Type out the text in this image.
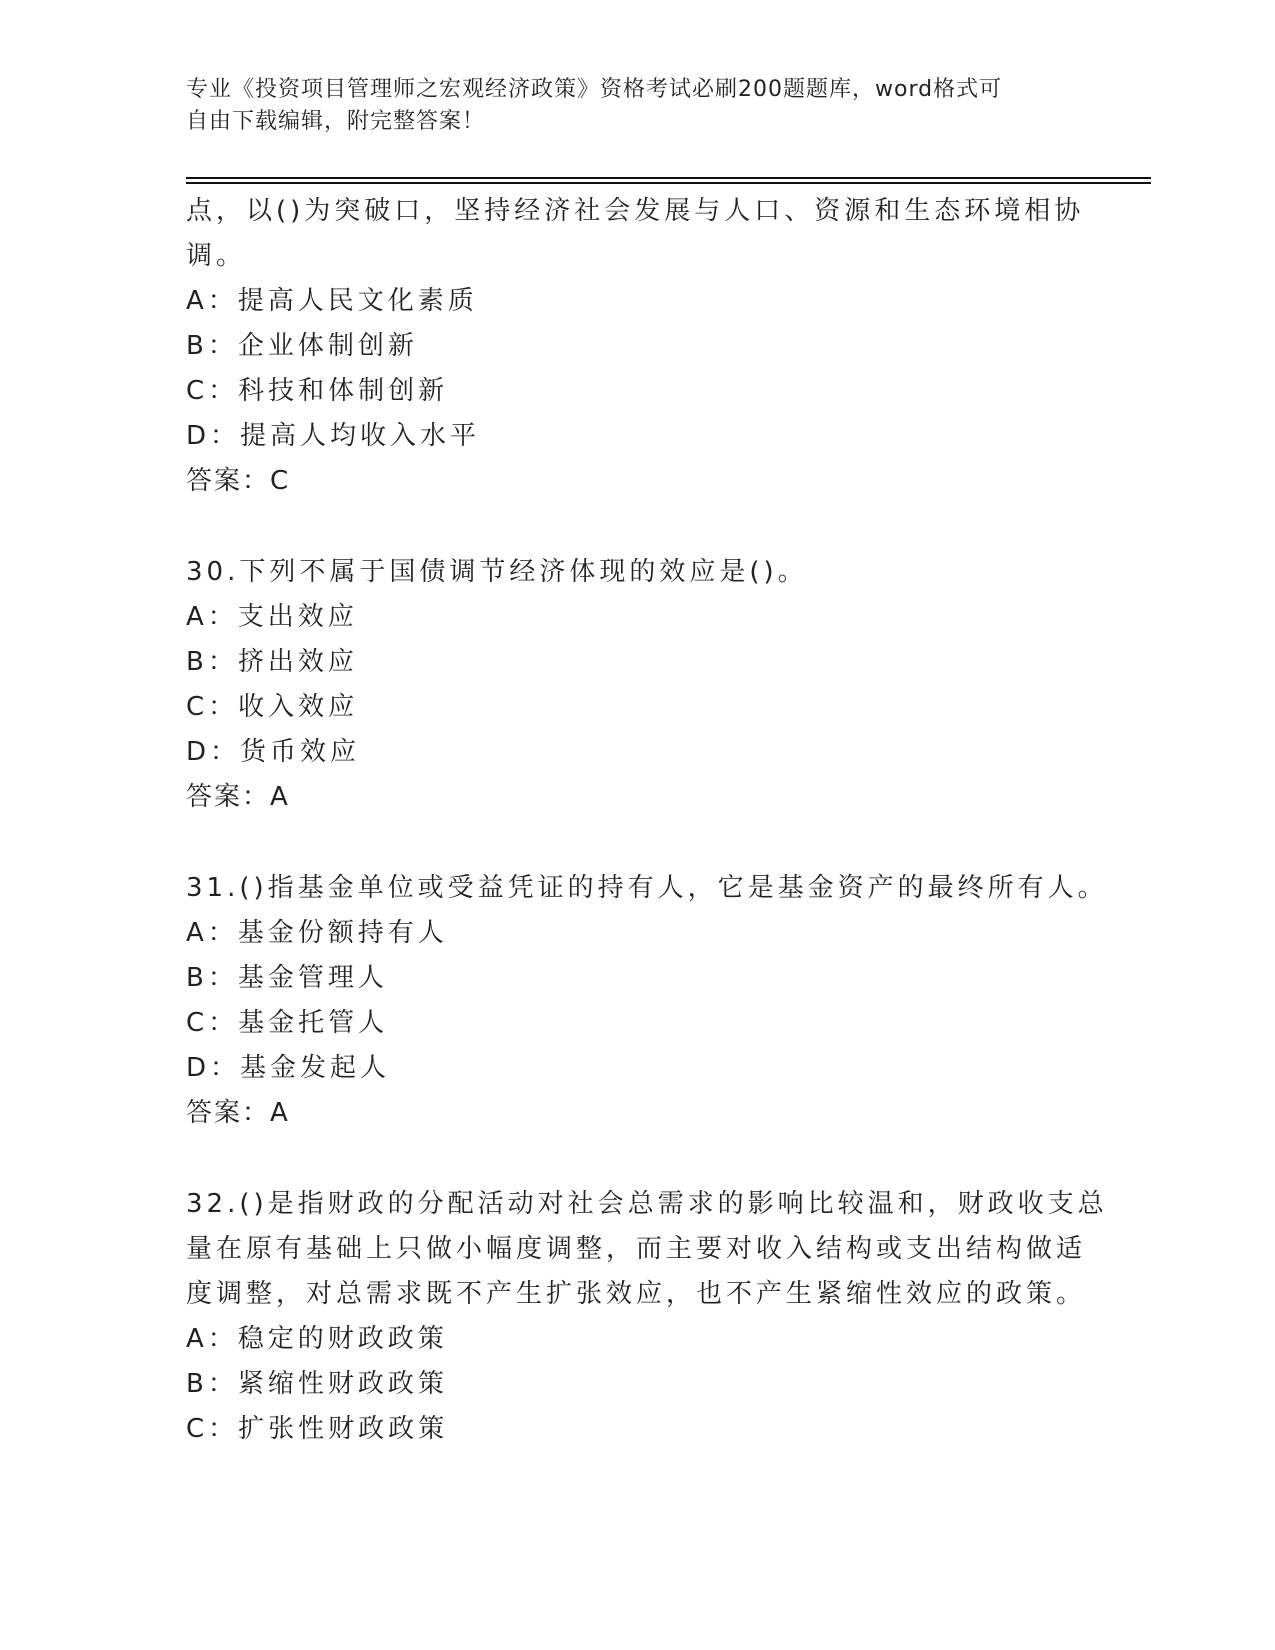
专业《投资项目管理师之宏观经济政策》资格考试必刷200题题库，word格式可
自由下载编辑，附完整答案！
点，以()为突破口，坚持经济社会发展与人口、资源和生态环境相协
调。
A：提高人民文化素质
B：企业体制创新
C：科技和体制创新
D：提高人均收入水平
答案：C
30.下列不属于国债调节经济体现的效应是()。
A：支出效应
B：挤出效应
C：收入效应
D：货币效应
答案：A
31.()指基金单位或受益凭证的持有人，它是基金资产的最终所有人。
A：基金份额持有人
B：基金管理人
C：基金托管人
D：基金发起人
答案：A
32.()是指财政的分配活动对社会总需求的影响比较温和，财政收支总
量在原有基础上只做小幅度调整，而主要对收入结构或支出结构做适
度调整，对总需求既不产生扩张效应，也不产生紧缩性效应的政策。
A：稳定的财政政策
B：紧缩性财政政策
C：扩张性财政政策
